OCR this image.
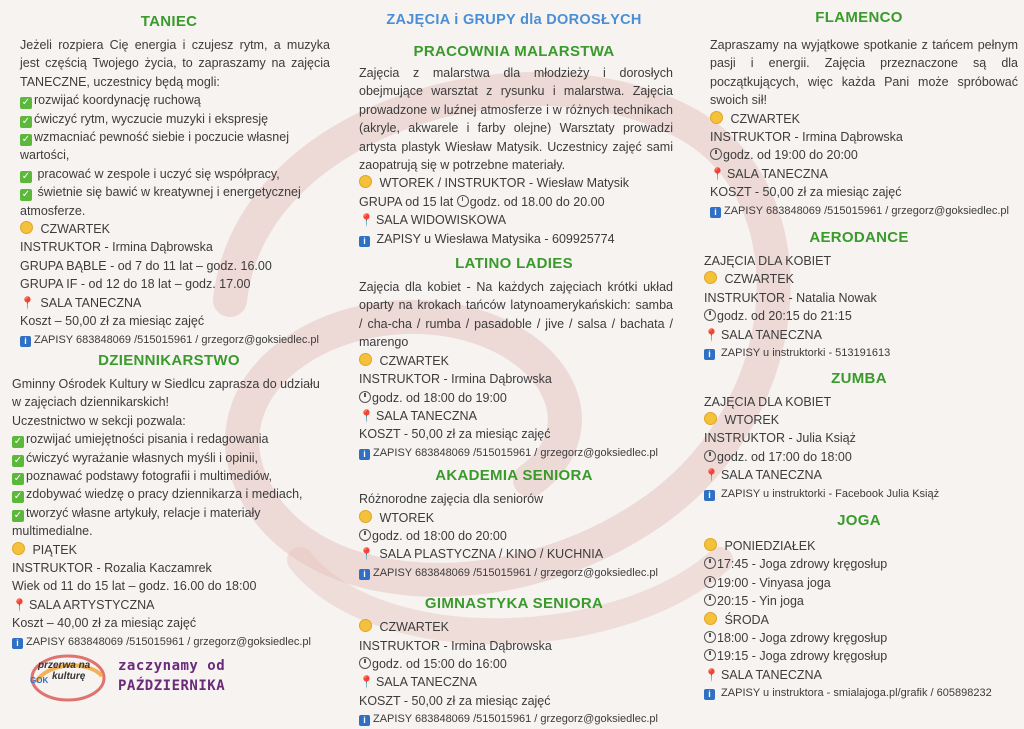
TANIEC

Jeżeli rozpiera Cię energia i czujesz rytm, a muzyka jest częścią Twojego życia, to zapraszamy na zajęcia TANECZNE, uczestnicy będą mogli:

✓ rozwijać koordynację ruchową

✓ ćwiczyć rytm, wyczucie muzyki i ekspresję

✓ wzmacniać pewność siebie i poczucie własnej wartości,

✓ pracować w zespole i uczyć się współpracy,

✓ świetnie się bawić w kreatywnej i energetycznej atmosferze.

CZWARTEK

INSTRUKTOR - Irmina Dąbrowska

GRUPA BĄBLE - od 7 do 11 lat – godz. 16.00

GRUPA IF - od 12 do 18 lat – godz. 17.00

📍 SALA TANECZNA

Koszt – 50,00 zł za miesiąc zajęć

i ZAPISY 683848069 /515015961 / grzegorz@goksiedlec.pl

DZIENNIKARSTWO

Gminny Ośrodek Kultury w Siedlcu zaprasza do udziału w zajęciach dziennikarskich!

Uczestnictwo w sekcji pozwala:

✓ rozwijać umiejętności pisania i redagowania

✓ ćwiczyć wyrażanie własnych myśli i opinii,

✓ poznawać podstawy fotografii i multimediów,

✓ zdobywać wiedzę o pracy dziennikarza i mediach,

✓ tworzyć własne artykuły, relacje i materiały multimedialne.

PIĄTEK

INSTRUKTOR - Rozalia Kaczamrek

Wiek od 11 do 15 lat – godz. 16.00 do 18:00

📍 SALA ARTYSTYCZNA

Koszt – 40,00 zł za miesiąc zajęć

i ZAPISY 683848069 /515015961 / grzegorz@goksiedlec.pl

przerwa na
kulturę
GOK
zaczynamy od
PAŹDZIERNIKA
ZAJĘCIA i GRUPY dla DOROSŁYCH
PRACOWNIA MALARSTWA

Zajęcia z malarstwa dla młodzieży i dorosłych obejmujące warsztat z rysunku i malarstwa. Zajęcia prowadzone w luźnej atmosferze i w różnych technikach (akryle, akwarele i farby olejne) Warsztaty prowadzi artysta plastyk Wiesław Matysik. Uczestnicy zajęć sami zaopatrują się w potrzebne materiały.

WTOREK / INSTRUKTOR - Wiesław Matysik

GRUPA od 15 lat godz. od 18.00 do 20.00

📍 SALA WIDOWISKOWA

i ZAPISY u Wiesława Matysika - 609925774

LATINO LADIES

Zajęcia dla kobiet - Na każdych zajęciach krótki układ oparty na krokach tańców latynoamerykańskich: samba / cha-cha / rumba / pasadoble / jive / salsa / bachata / marengo

CZWARTEK

INSTRUKTOR - Irmina Dąbrowska

godz. od 18:00 do 19:00

📍 SALA TANECZNA

KOSZT - 50,00 zł za miesiąc zajęć

i ZAPISY 683848069 /515015961 / grzegorz@goksiedlec.pl

AKADEMIA SENIORA

Różnorodne zajęcia dla seniorów

WTOREK

godz. od 18:00 do 20:00

📍 SALA PLASTYCZNA / KINO / KUCHNIA

i ZAPISY 683848069 /515015961 / grzegorz@goksiedlec.pl

GIMNASTYKA SENIORA

CZWARTEK

INSTRUKTOR - Irmina Dąbrowska

godz. od 15:00 do 16:00

📍 SALA TANECZNA

KOSZT - 50,00 zł za miesiąc zajęć

i ZAPISY 683848069 /515015961 / grzegorz@goksiedlec.pl

FLAMENCO

Zapraszamy na wyjątkowe spotkanie z tańcem pełnym pasji i energii. Zajęcia przeznaczone są dla początkujących, więc każda Pani może spróbować swoich sił!

CZWARTEK

INSTRUKTOR - Irmina Dąbrowska

godz. od 19:00 do 20:00

📍 SALA TANECZNA

KOSZT - 50,00 zł za miesiąc zajęć

i ZAPISY 683848069 /515015961 / grzegorz@goksiedlec.pl

AERODANCE

ZAJĘCIA DLA KOBIET

CZWARTEK

INSTRUKTOR - Natalia Nowak

godz. od 20:15 do 21:15

📍 SALA TANECZNA

i ZAPISY u instruktorki - 513191613

ZUMBA

ZAJĘCIA DLA KOBIET

WTOREK

INSTRUKTOR - Julia Książ

godz. od 17:00 do 18:00

📍 SALA TANECZNA

i ZAPISY u instruktorki - Facebook Julia Książ

JOGA

PONIEDZIAŁEK

17:45 - Joga zdrowy kręgosłup

19:00 - Vinyasa joga

20:15 - Yin joga

ŚRODA

18:00 - Joga zdrowy kręgosłup

19:15 - Joga zdrowy kręgosłup

📍 SALA TANECZNA

i ZAPISY u instruktora - smialajoga.pl/grafik / 605898232
